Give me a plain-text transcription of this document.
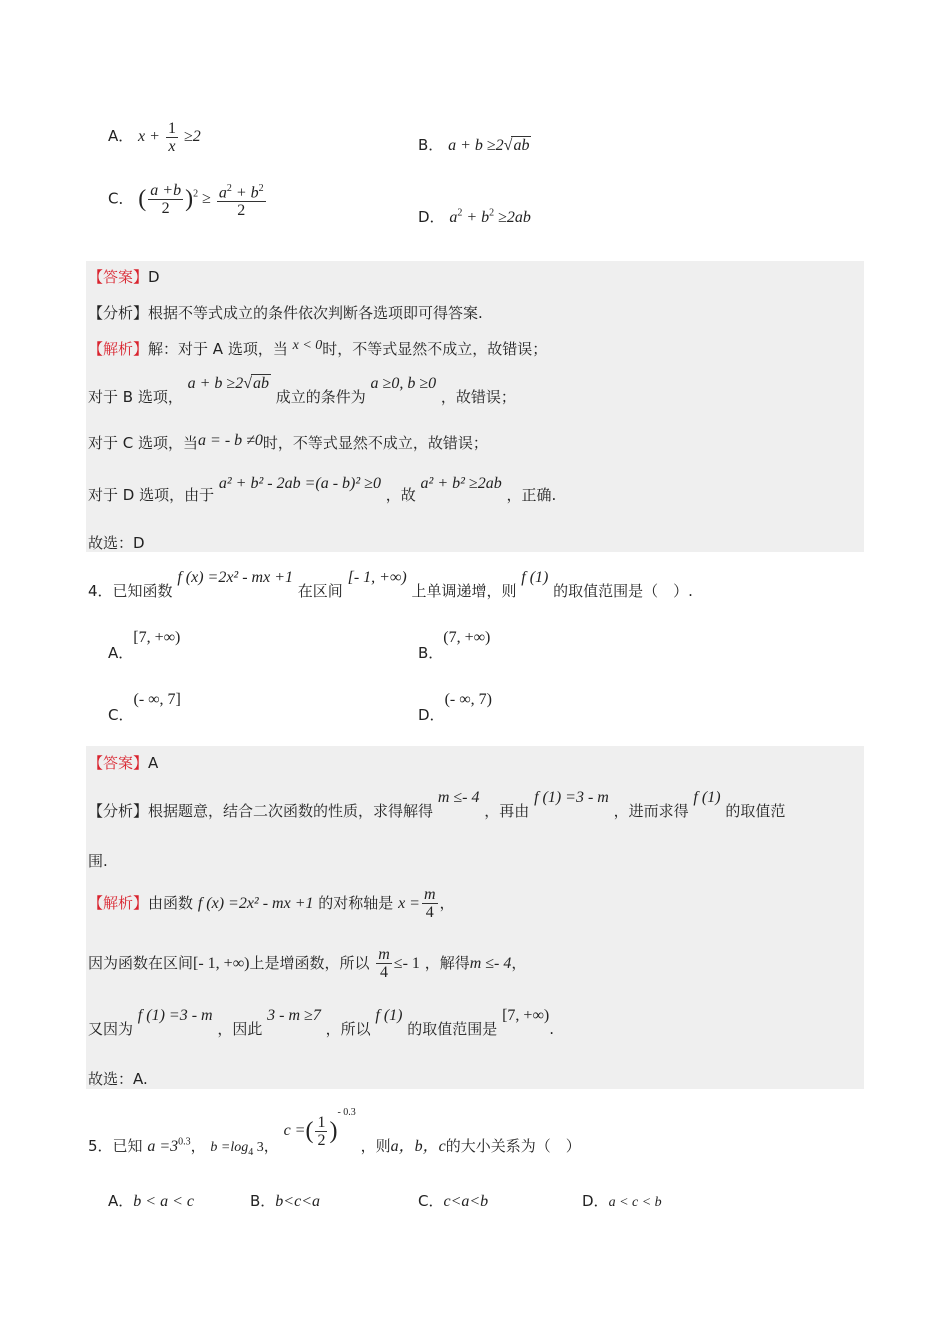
A． $x + \frac{1}{x} \ge 2$	B． a + b ≥2√ab
C． ( $\frac{a +b}{2} )^2 \ge \frac{a^2 + b^2}{2}$	D． $a^2 + b^2 \ge 2ab$
【答案】D
【分析】根据不等式成立的条件依次判断各选项即可得答案.
【解析】解：对于 A 选项，当 x < 0时，不等式显然不成立，故错误；
对于 B 选项， a + b ≥2√ab 成立的条件为 a ≥0, b ≥0 ，故错误；
对于 C 选项，当a = - b ≠0时，不等式显然不成立，故错误；
对于 D 选项，由于 a² + b² - 2ab =(a - b)² ≥0 ，故 a² + b² ≥2ab ，正确.
故选：D
4．已知函数 f (x) =2x² - mx +1 在区间 [- 1, +∞) 上单调递增，则 f (1) 的取值范围是（　）.
A．[7, +∞)
B．(7, +∞)
C．(- ∞, 7]
D．(- ∞, 7)
【答案】A
【分析】根据题意，结合二次函数的性质，求得解得 m ≤- 4 ，再由 f (1) =3 - m ，进而求得 f (1) 的取值范
围.
【解析】由函数 f (x) =2x² - mx +1 的对称轴是 $x = \frac{m}{4}$ ，
因为函数在区间[- 1, +∞)上是增函数，所以 $\frac{m}{4} \le- 1$ ，解得m ≤- 4，
又因为 f (1) =3 - m ，因此 3 - m ≥7 ，所以 f (1) 的取值范围是 [7, +∞).
故选：A.
5．已知 $a =3^{0.3}$， $b =\log_4$ 3， c =( $\frac{1}{2} )^{- 0.3}$ ，则a，b，c的大小关系为（　）
A．b < a < c	B．b<c<a	C．c<a<b	D．a < c < b
